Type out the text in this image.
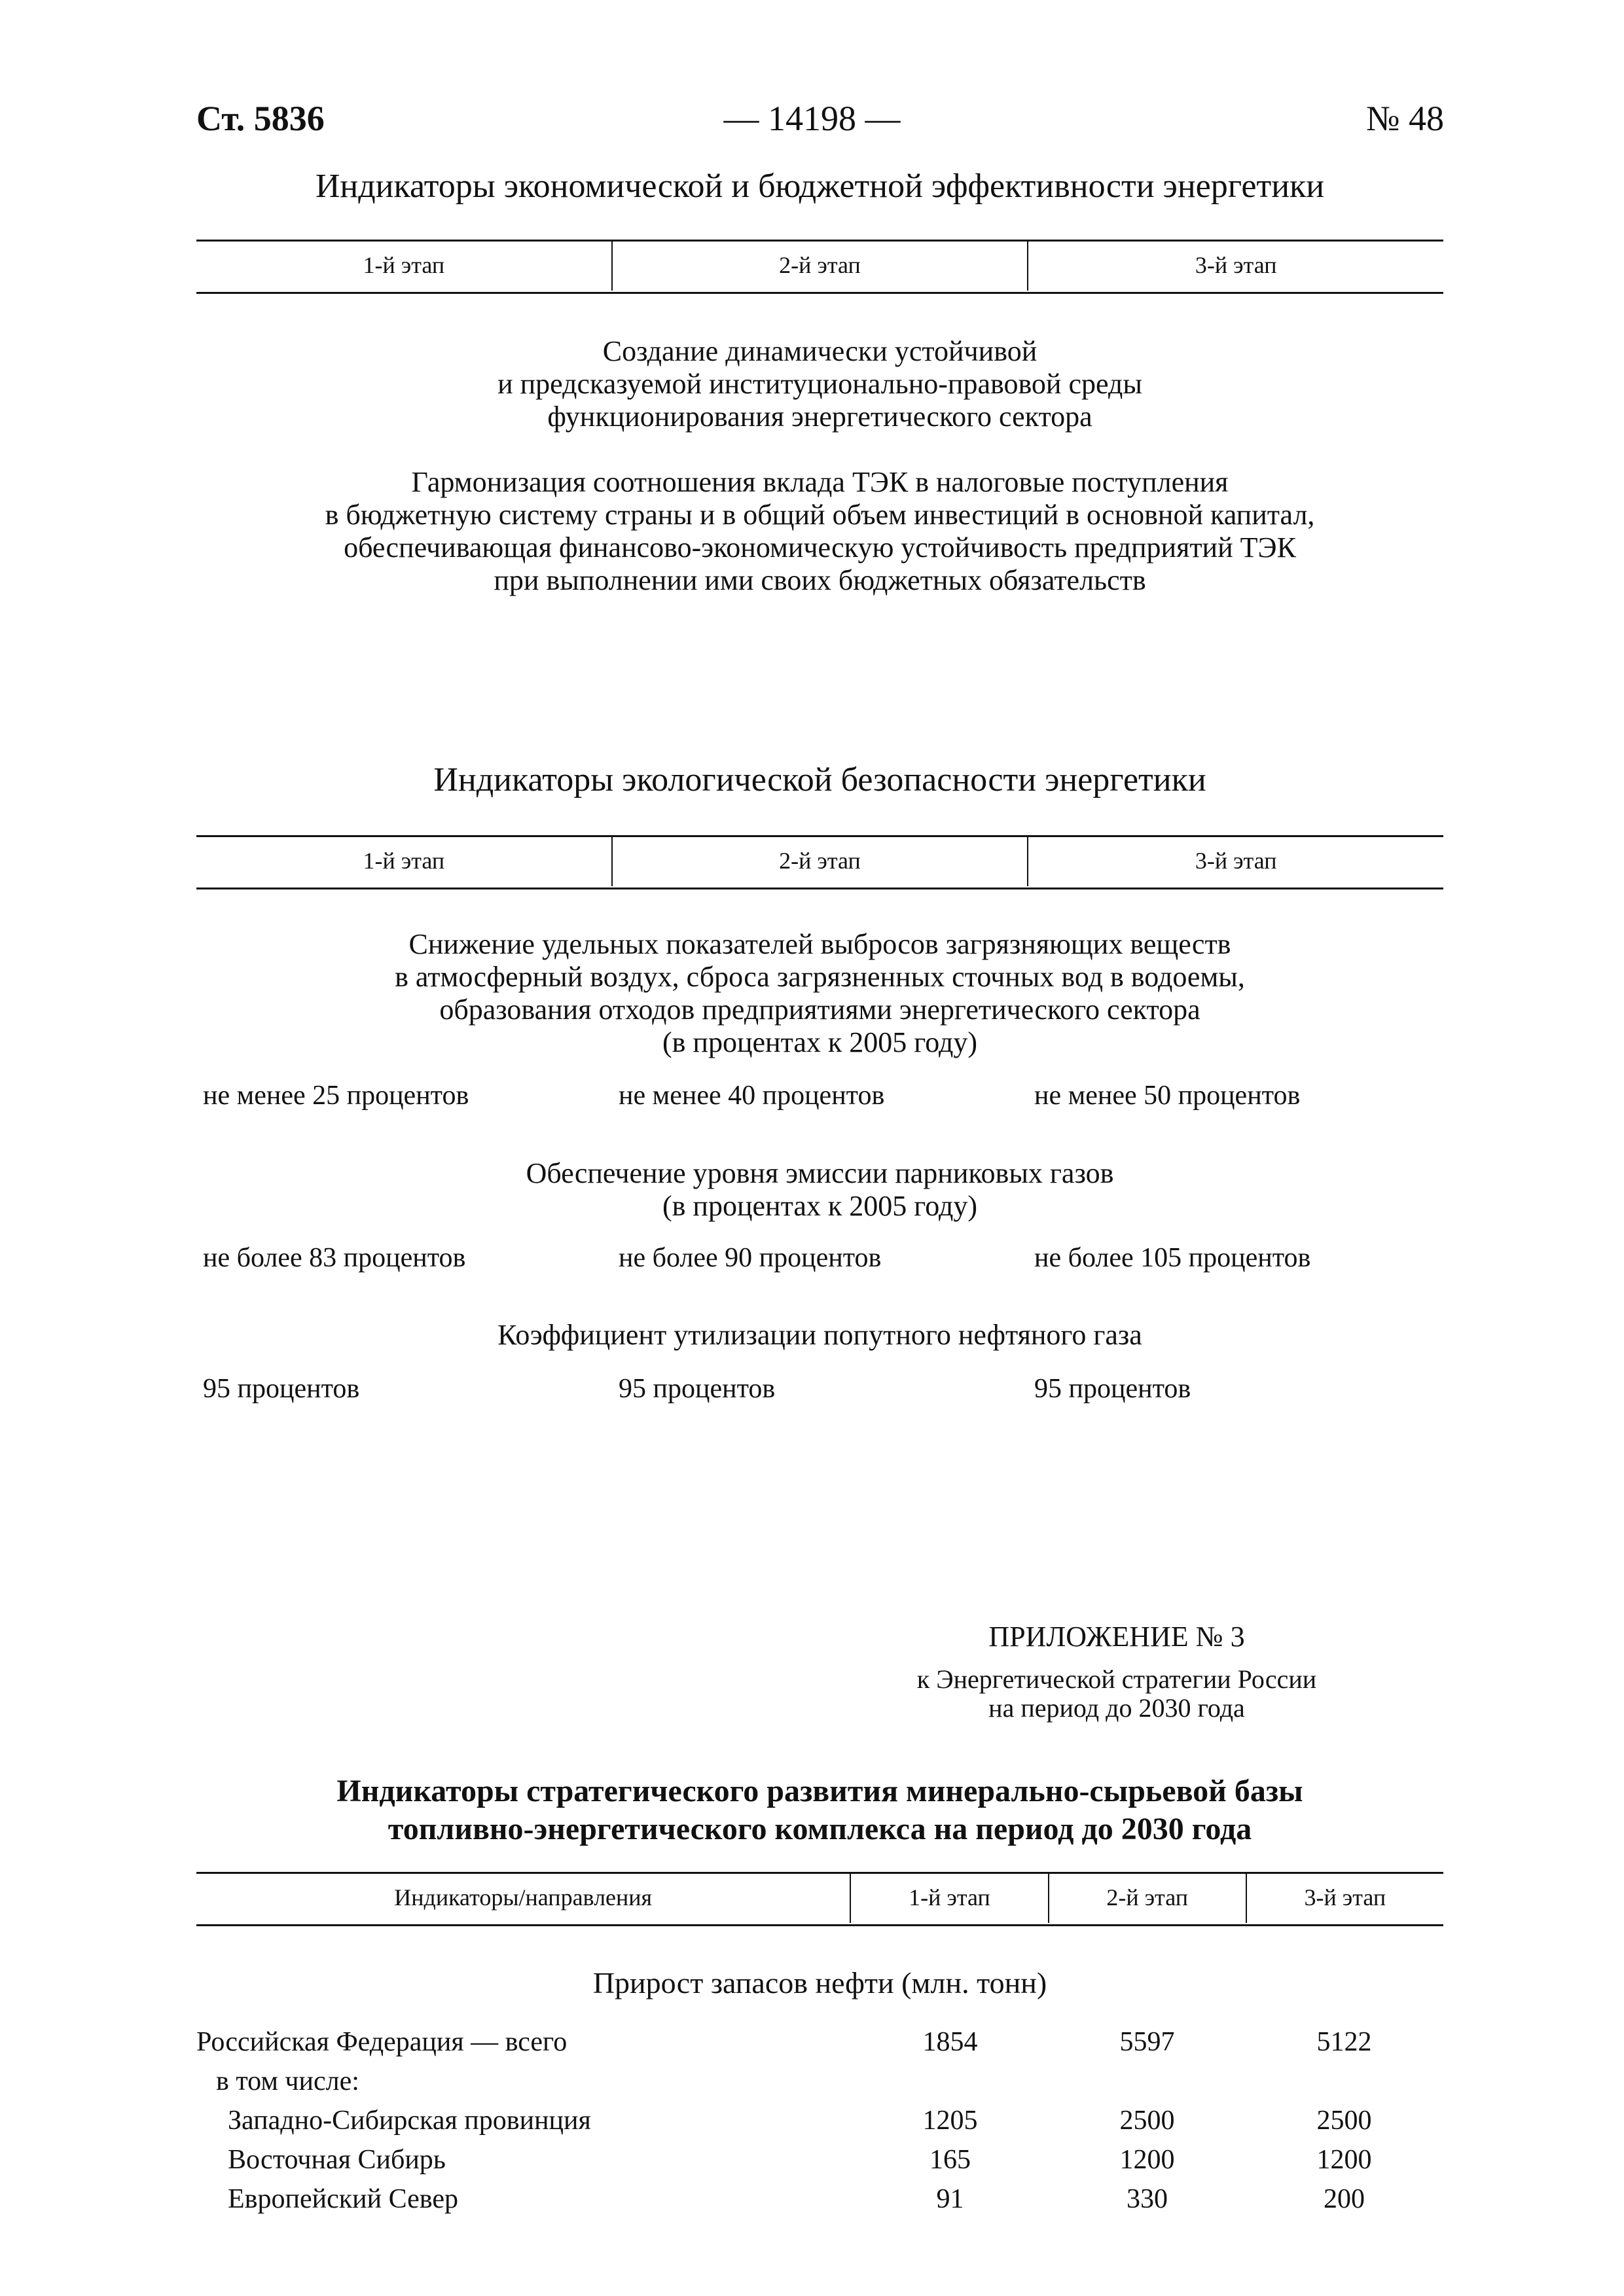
Ст. 5836	— 14198 —	№ 48
Индикаторы экономической и бюджетной эффективности энергетики
1-й этап	2-й этап	3-й этап
Создание динамически устойчивой
и предсказуемой институционально-правовой среды
функционирования энергетического сектора
Гармонизация соотношения вклада ТЭК в налоговые поступления
в бюджетную систему страны и в общий объем инвестиций в основной капитал,
обеспечивающая финансово-экономическую устойчивость предприятий ТЭК
при выполнении ими своих бюджетных обязательств
Индикаторы экологической безопасности энергетики
1-й этап	2-й этап	3-й этап
Снижение удельных показателей выбросов загрязняющих веществ
в атмосферный воздух, сброса загрязненных сточных вод в водоемы,
образования отходов предприятиями энергетического сектора
(в процентах к 2005 году)
не менее 25 процентов	не менее 40 процентов	не менее 50 процентов
Обеспечение уровня эмиссии парниковых газов
(в процентах к 2005 году)
не более 83 процентов	не более 90 процентов	не более 105 процентов
Коэффициент утилизации попутного нефтяного газа
95 процентов	95 процентов	95 процентов
ПРИЛОЖЕНИЕ № 3
к Энергетической стратегии России
на период до 2030 года
Индикаторы стратегического развития минерально-сырьевой базы
топливно-энергетического комплекса на период до 2030 года
Индикаторы/направления	1-й этап	2-й этап	3-й этап
Прирост запасов нефти (млн. тонн)
Российская Федерация — всего	1854	5597	5122
в том числе:
Западно-Сибирская провинция	1205	2500	2500
Восточная Сибирь	165	1200	1200
Европейский Север	91	330	200
